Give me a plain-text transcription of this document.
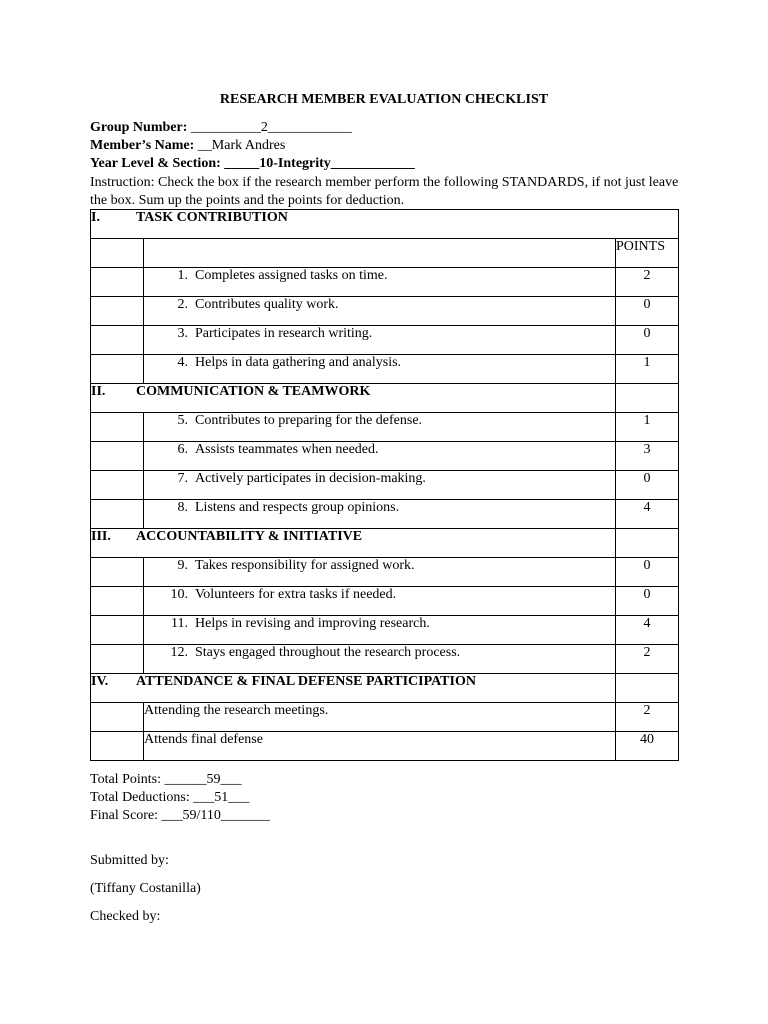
RESEARCH MEMBER EVALUATION CHECKLIST
Group Number: __________2____________
Member’s Name: __Mark Andres
Year Level & Section: _____10-Integrity____________
Instruction: Check the box if the research member perform the following STANDARDS, if not just leave the box. Sum up the points and the points for deduction.
I. TASK CONTRIBUTION		

		POINTS
	1. Completes assigned tasks on time.	2
	2. Contributes quality work.	0
	3. Participates in research writing.	0
	4. Helps in data gathering and analysis.	1

II. COMMUNICATION & TEAMWORK		

	5. Contributes to preparing for the defense.	1
	6. Assists teammates when needed.	3
	7. Actively participates in decision-making.	0
	8. Listens and respects group opinions.	4

III. ACCOUNTABILITY & INITIATIVE		

	9. Takes responsibility for assigned work.	0
	10. Volunteers for extra tasks if needed.	0
	11. Helps in revising and improving research.	4
	12. Stays engaged throughout the research process.	2

IV. ATTENDANCE & FINAL DEFENSE PARTICIPATION		

	Attending the research meetings.	2
	Attends final defense	40
Total Points: ______59___
Total Deductions: ___51___
Final Score: ___59/110_______
Submitted by:
(Tiffany Costanilla)
Checked by:
